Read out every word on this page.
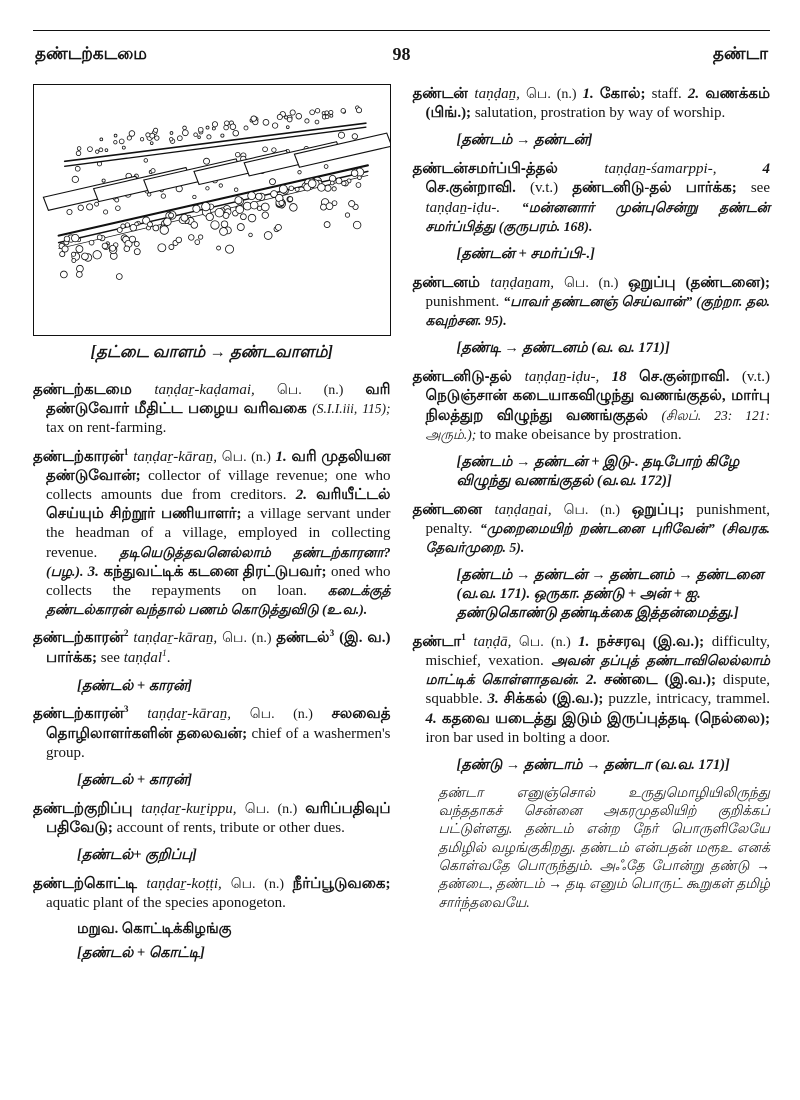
தண்டற்கடமை	98	தண்டா
[தட்டை வாளம் → தண்டவாளம்]

தண்டற்கடமை taṇḍaṟ-kaḍamai, பெ. (n.) வரி தண்டுவோர் மீதிட்ட பழைய வரிவகை (S.I.I.iii, 115); tax on rent-farming.

தண்டற்காரன்$^1$ taṇḍaṟ-kāraṉ, பெ. (n.) 1. வரி முதலியன தண்டுவோன்; collector of village revenue; one who collects amounts due from creditors. 2. வரியீட்டல் செய்யும் சிற்றூர் பணியாளர்; a village servant under the headman of a village, employed in collecting revenue. தடியெடுத்தவனெல்லாம் தண்டற்காரனா? (பழ.). 3. கந்துவட்டிக் கடனை திரட்டுபவர்; oned who collects the repayments on loan. கடைக்குத் தண்டல்காரன் வந்தால் பணம் கொடுத்துவிடு (உ.வ.).

தண்டற்காரன்$^2$ taṇḍaṟ-kāraṉ, பெ. (n.) தண்டல்$^3$ (இ. வ.) பார்க்க; see taṇḍal$^1$.

[தண்டல் + காரன்]

தண்டற்காரன்$^3$ taṇḍaṟ-kāraṉ, பெ. (n.) சலவைத் தொழிலாளர்களின் தலைவன்; chief of a washermen's group.

[தண்டல் + காரன்]

தண்டற்குறிப்பு taṇḍaṟ-kuṟippu, பெ. (n.) வரிப்பதிவுப் பதிவேடு; account of rents, tribute or other dues.

[தண்டல்+ குறிப்பு]

தண்டற்கொட்டி taṇḍaṟ-koṭṭi, பெ. (n.) நீர்ப்பூடுவகை; aquatic plant of the species aponogeton.

மறுவ. கொட்டிக்கிழங்கு

[தண்டல் + கொட்டி]

தண்டன் taṇḍaṉ, பெ. (n.) 1. கோல்; staff. 2. வணக்கம் (பிங்.); salutation, prostration by way of worship.

[தண்டம் → தண்டன்]

தண்டன்சமர்ப்பி-த்தல் taṇḍaṉ-śamarppi-, 4 செ.குன்றாவி. (v.t.) தண்டனிடு-தல் பார்க்க; see taṇḍaṉ-iḍu-. “மன்னனார் முன்புசென்று தண்டன் சமர்ப்பித்து (குருபரம். 168).

[தண்டன் + சமர்ப்பி-.]

தண்டனம் taṇḍaṉam, பெ. (n.) ஒறுப்பு (தண்டனை); punishment. “பாவர் தண்டனஞ் செய்வான்” (குற்றா. தல. கவுற்சன. 95).

[தண்டி → தண்டனம் (வ. வ. 171)]

தண்டனிடு-தல் taṇḍaṉ-iḍu-, 18 செ.குன்றாவி. (v.t.) நெடுஞ்சான் கடையாகவிழுந்து வணங்குதல், மார்பு நிலத்துற விழுந்து வணங்குதல் (சிலப். 23: 121: அரும்.); to make obeisance by prostration.

[தண்டம் → தண்டன் + இடு-. தடிபோற் கிழே விழுந்து வணங்குதல் (வ.வ. 172)]

தண்டனை taṇḍaṉai, பெ. (n.) ஒறுப்பு; punishment, penalty. “முறைமையிற் றண்டனை புரிவேன்” (சிவரக. தேவர்முறை. 5).

[தண்டம் → தண்டன் → தண்டனம் → தண்டனை (வ.வ. 171). ஒருகா. தண்டு + அன் + ஐ. தண்டுகொண்டு தண்டிக்கை இத்தன்மைத்து.]

தண்டா$^1$ taṇḍā, பெ. (n.) 1. நச்சரவு (இ.வ.); difficulty, mischief, vexation. அவன் தப்புத் தண்டாவிலெல்லாம் மாட்டிக் கொள்ளாதவன். 2. சண்டை (இ.வ.); dispute, squabble. 3. சிக்கல் (இ.வ.); puzzle, intricacy, trammel. 4. கதவை யடைத்து இடும் இருப்புத்தடி (நெல்லை); iron bar used in bolting a door.

[தண்டு → தண்டாம் → தண்டா (வ.வ. 171)]

தண்டா எனுஞ்சொல் உருதுமொழியிலிருந்து வந்ததாகச் சென்னை அகரமுதலியிற் குறிக்கப் பட்டுள்ளது. தண்டம் என்ற நேர் பொருளிலேயே தமிழில் வழங்குகிறது. தண்டம் என்பதன் மரூஉ எனக் கொள்வதே பொருந்தும். அஃதே போன்று தண்டு → தண்டை, தண்டம் → தடி எனும் பொருட் கூறுகள் தமிழ் சார்ந்தவையே.
